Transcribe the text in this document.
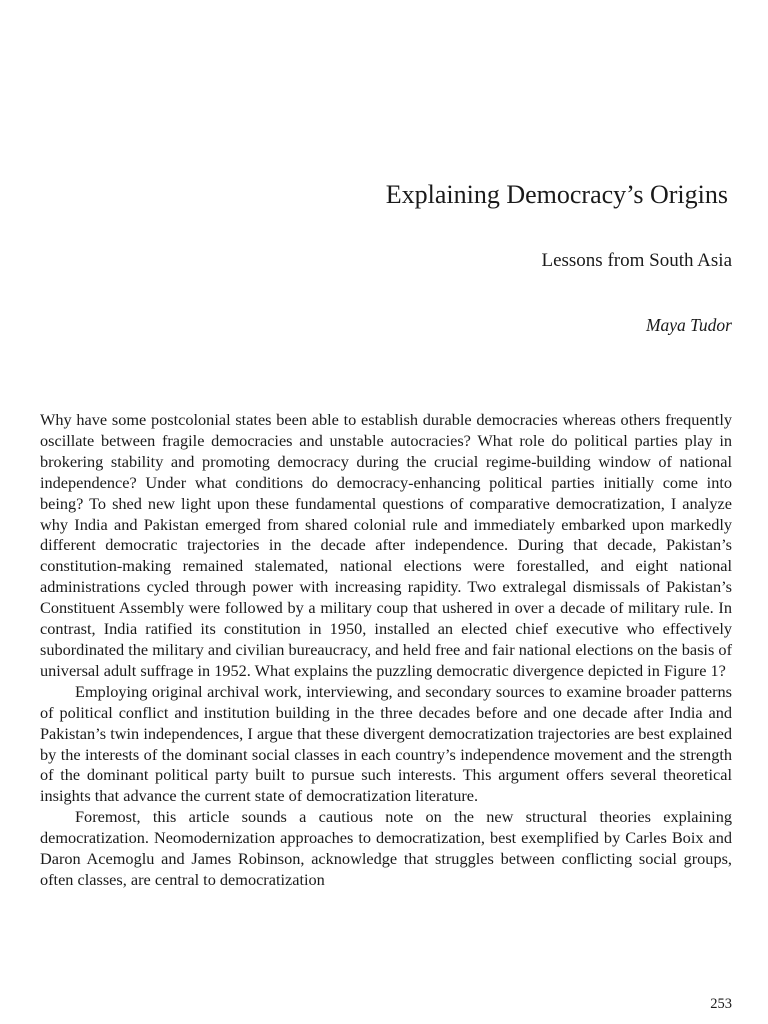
Explaining Democracy’s Origins
Lessons from South Asia
Maya Tudor

Why have some postcolonial states been able to establish durable democracies whereas others frequently oscillate between fragile democracies and unstable autocracies? What role do political parties play in brokering stability and promoting democracy during the crucial regime-building window of national independence? Under what conditions do democracy-enhancing political parties initially come into being? To shed new light upon these fundamental questions of comparative democratization, I analyze why India and Pakistan emerged from shared colonial rule and immediately embarked upon markedly different democratic trajectories in the decade after independence. During that decade, Pakistan’s constitution-making remained stalemated, national elections were forestalled, and eight national administrations cycled through power with increasing rapidity. Two extralegal dismissals of Pakistan’s Constituent Assembly were followed by a military coup that ushered in over a decade of military rule. In contrast, India ratified its constitution in 1950, installed an elected chief executive who effectively subordinated the military and civilian bureaucracy, and held free and fair national elections on the basis of universal adult suffrage in 1952. What explains the puzzling democratic divergence depicted in Figure 1?

Employing original archival work, interviewing, and secondary sources to examine broader patterns of political conflict and institution building in the three decades before and one decade after India and Pakistan’s twin independences, I argue that these divergent democratization trajectories are best explained by the interests of the dominant social classes in each country’s independence movement and the strength of the dominant political party built to pursue such interests. This argument offers several theoretical insights that advance the current state of democratization literature.

Foremost, this article sounds a cautious note on the new structural theories explaining democratization. Neomodernization approaches to democratization, best exemplified by Carles Boix and Daron Acemoglu and James Robinson, acknowledge that struggles between conflicting social groups, often classes, are central to democratization

253
